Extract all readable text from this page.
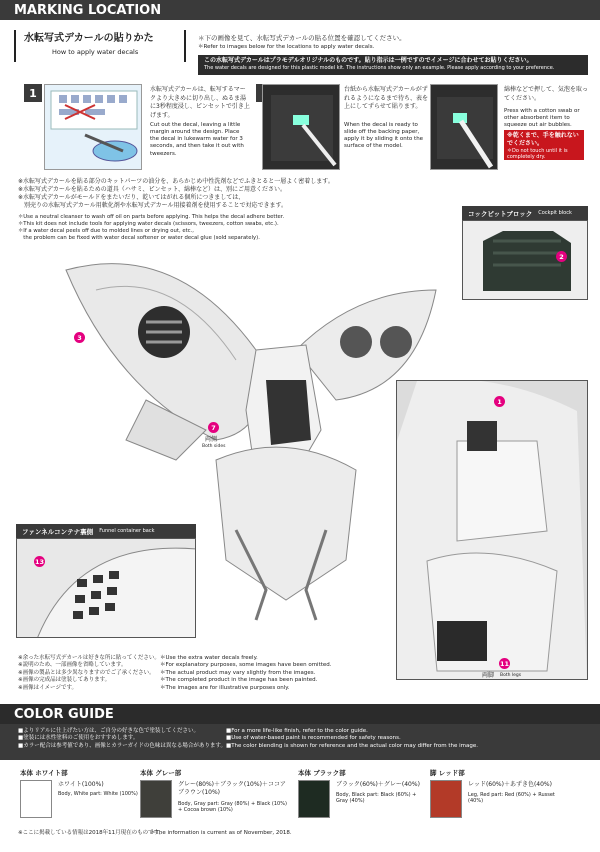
MARKING LOCATION
水転写式デカールの貼りかた
How to apply water decals
＊下の画像を見て、水転写式デカールの貼る位置を確認してください。
＊Refer to images below for the locations to apply water decals.
この水転写式デカールはプラモデルオリジナルのものです。貼り指示は一例ですのでイメージに合わせてお貼りください。
The water decals are designed for this plastic model kit. The instructions show only an example. Please apply according to your preference.
1	水転写式デカールは、転写するマークより大きめに切り出し、ぬるま湯に3秒程度浸し、ピンセットで引き上げます。
Cut out the decal, leaving a little margin around the design. Place the decal in lukewarm water for 3 seconds, and then take it out with tweezers.
台紙から水転写式デカールがずれるようになるまで待ち、表を上にしてずらせて貼ります。
When the decal is ready to slide off the backing paper, apply it by sliding it onto the surface of the model.
綿棒などで押して、気泡を取ってください。
Press with a cotton swab or other absorbent item to squeeze out air bubbles.
※乾くまで、手を触れないでください。
＊Do not touch until it is completely dry.
※水転写式デカールを貼る部分のキットパーツの油分を、あらかじめ中性洗剤などでふきとると一層よく密着します。
※水転写式デカールを貼るための道具（ハサミ、ピンセット、綿棒など）は、別にご用意ください。
※水転写式デカールがモールドをまたいだり、乾いてはがれる個所につきましては、
　別売りの水転写式デカール用軟化剤や水転写式デカール用接着剤を使用することで対応できます。
＊Use a neutral cleanser to wash off oil on parts before applying. This helps the decal adhere better.
＊This kit does not include tools for applying water decals (scissors, tweezers, cotton swabs, etc.).
＊If a water decal peels off due to molded lines or drying out, etc.,
　the problem can be fixed with water decal softener or water decal glue (sold separately).
コックピットブロック Cockpit block
2
3
7
両側
Both sides
1
11
両脚 Both legs
ファンネルコンテナ裏側 Funnel container back
13
※余った水転写式デカールは好きな所に貼ってください。
※説明のため、一部画像を省略しています。
※画像の製品とは多少異なりますのでご了承ください。
※画像の完成品は塗装してあります。
※画像はイメージです。
＊Use the extra water decals freely.
＊For explanatory purposes, some images have been omitted.
＊The actual product may vary slightly from the images.
＊The completed product in the image has been painted.
＊The images are for illustrative purposes only.
COLOR GUIDE
■よりリアルに仕上げたい方は、ご自分の好きな色で塗装してください。
■塗装には水性塗料のご使用をおすすめします。
■カラー配合は参考値であり、画像とカラーガイドの色味は異なる場合があります。
■For a more life-like finish, refer to the color guide.
■Use of water-based paint is recommended for safety reasons.
■The color blending is shown for reference and the actual color may differ from the image.
本体 ホワイト部
ホワイト(100%)
Body, White part: White (100%)
本体 グレー部
グレー(80%)＋ブラック(10%)＋ココアブラウン(10%)
Body, Gray part: Gray (80%) + Black (10%) + Cocoa brown (10%)
本体 ブラック部
ブラック(60%)＋グレー(40%)
Body, Black part: Black (60%) + Gray (40%)
脚 レッド部
レッド(60%)＋あずき色(40%)
Leg, Red part: Red (60%) + Russet (40%)
※ここに掲載している情報は2018年11月現在のものです。
＊The information is current as of November, 2018.
